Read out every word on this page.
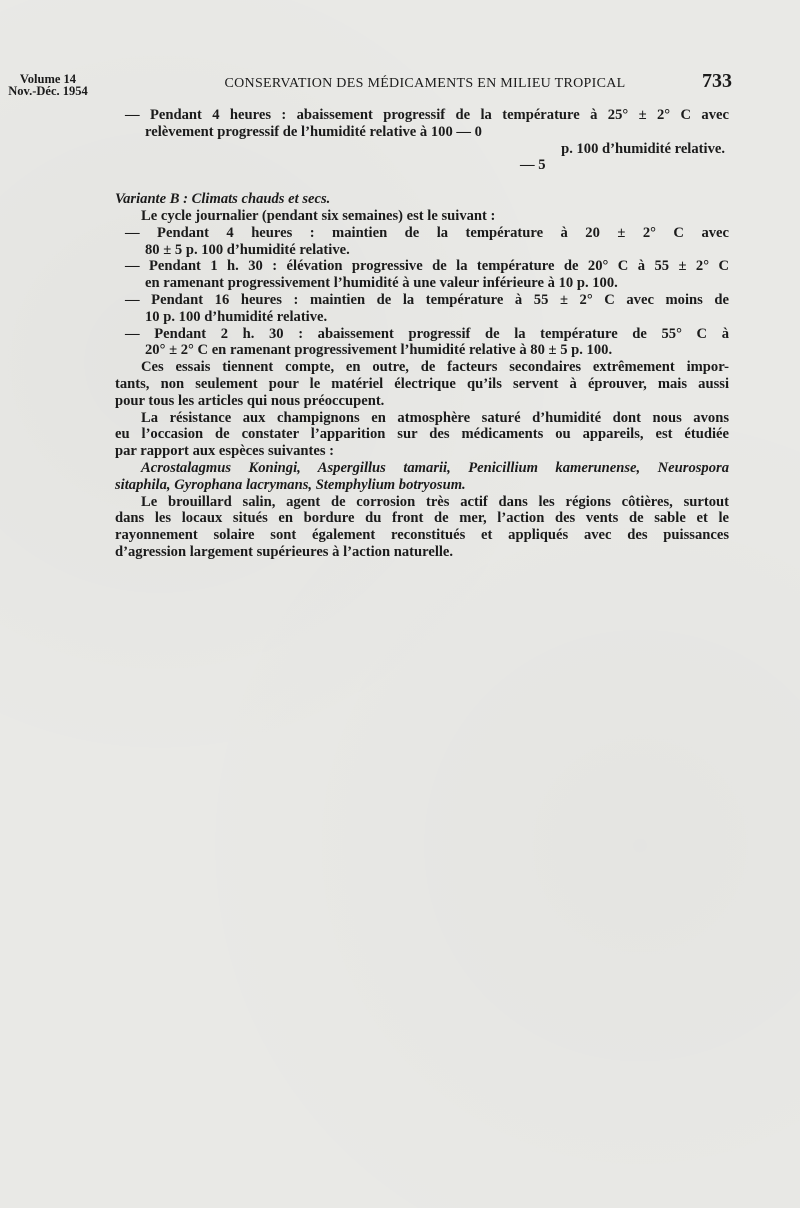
Volume 14
Nov.-Déc. 1954	CONSERVATION DES MÉDICAMENTS EN MILIEU TROPICAL	733
— Pendant 4 heures : abaissement progressif de la température à 25° ± 2° C avec
relèvement progressif de l’humidité relative à 100 — 0
p. 100 d’humidité relative.
— 5

Variante B : Climats chauds et secs.

Le cycle journalier (pendant six semaines) est le suivant :

— Pendant 4 heures : maintien de la température à 20 ± 2° C avec
80 ± 5 p. 100 d’humidité relative.
— Pendant 1 h. 30 : élévation progressive de la température de 20° C à 55 ± 2° C
en ramenant progressivement l’humidité à une valeur inférieure à 10 p. 100.
— Pendant 16 heures : maintien de la température à 55 ± 2° C avec moins de
10 p. 100 d’humidité relative.
— Pendant 2 h. 30 : abaissement progressif de la température de 55° C à
20° ± 2° C en ramenant progressivement l’humidité relative à 80 ± 5 p. 100.
Ces essais tiennent compte, en outre, de facteurs secondaires extrêmement impor-
tants, non seulement pour le matériel électrique qu’ils servent à éprouver, mais aussi
pour tous les articles qui nous préoccupent.
La résistance aux champignons en atmosphère saturé d’humidité dont nous avons
eu l’occasion de constater l’apparition sur des médicaments ou appareils, est étudiée
par rapport aux espèces suivantes :
Acrostalagmus Koningi, Aspergillus tamarii, Penicillium kamerunense, Neurospora
sitaphila, Gyrophana lacrymans, Stemphylium botryosum.
Le brouillard salin, agent de corrosion très actif dans les régions côtières, surtout
dans les locaux situés en bordure du front de mer, l’action des vents de sable et le
rayonnement solaire sont également reconstitués et appliqués avec des puissances
d’agression largement supérieures à l’action naturelle.
